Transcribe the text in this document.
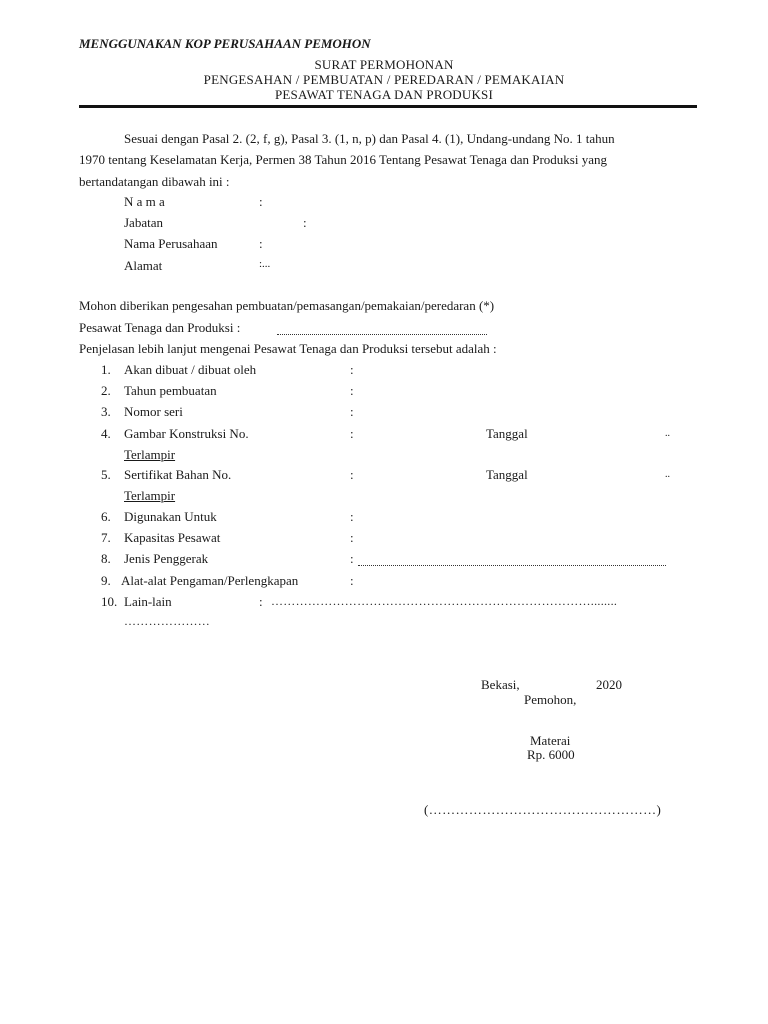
MENGGUNAKAN KOP PERUSAHAAN PEMOHON
SURAT PERMOHONAN
PENGESAHAN / PEMBUATAN / PEREDARAN / PEMAKAIAN
PESAWAT TENAGA DAN PRODUKSI
Sesuai dengan Pasal 2. (2, f, g), Pasal 3. (1, n, p) dan Pasal 4. (1), Undang-undang No. 1 tahun
1970 tentang Keselamatan Kerja, Permen 38 Tahun 2016 Tentang Pesawat Tenaga dan Produksi yang
bertandatangan dibawah ini :
N a m a	:
Jabatan	:
Nama Perusahaan	:
Alamat	:...
Mohon diberikan pengesahan pembuatan/pemasangan/pemakaian/peredaran (*)
Pesawat Tenaga dan Produksi :
Penjelasan lebih lanjut mengenai Pesawat Tenaga dan Produksi tersebut adalah :
1. Akan dibuat / dibuat oleh	:
2. Tahun pembuatan	:
3. Nomor seri	:
4. Gambar Konstruksi No.	:	Tanggal	..
Terlampir
5. Sertifikat Bahan No.	:	Tanggal	..
Terlampir
6. Digunakan Untuk	:
7. Kapasitas Pesawat	:
8. Jenis Penggerak	:
9. Alat-alat Pengaman/Perlengkapan	:
10. Lain-lain	: ……………………………………………………………………........
…………………
Bekasi,	2020
Pemohon,
Materai
Rp. 6000
(……………………………………………)
